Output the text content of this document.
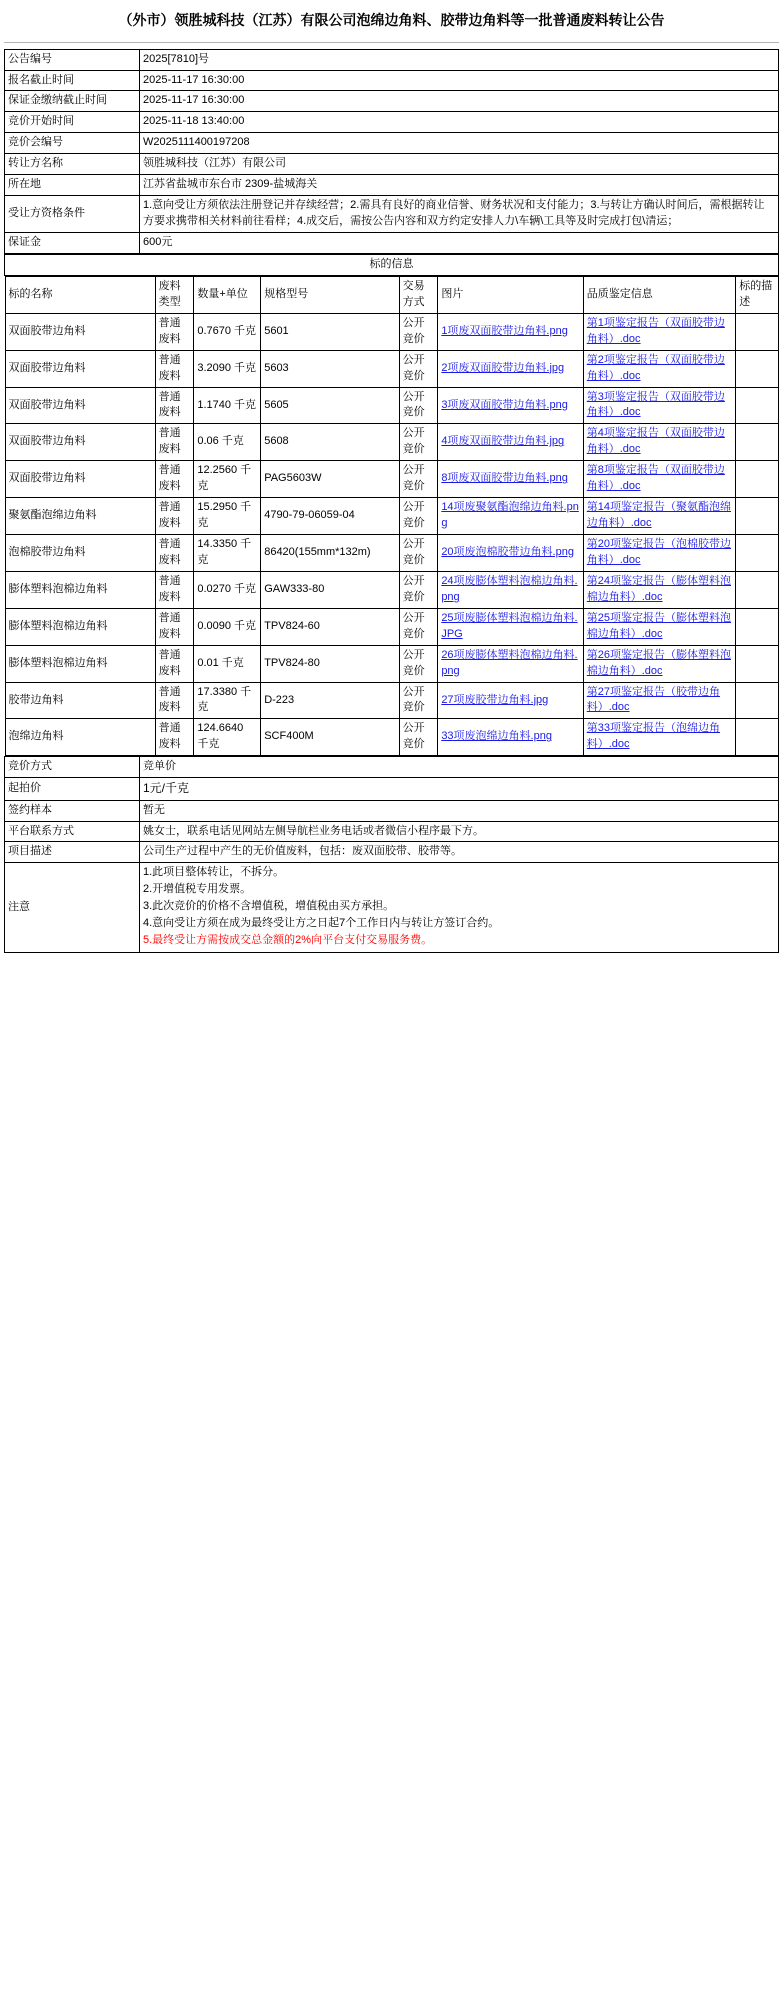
（外市）领胜城科技（江苏）有限公司泡绵边角料、胶带边角料等一批普通废料转让公告
公告编号	2025[7810]号
报名截止时间	2025-11-17 16:30:00
保证金缴纳截止时间	2025-11-17 16:30:00
竞价开始时间	2025-11-18 13:40:00
竞价会编号	W2025111400197208
转让方名称	领胜城科技（江苏）有限公司
所在地	江苏省盐城市东台市 2309-盐城海关
受让方资格条件	1.意向受让方须依法注册登记并存续经营；2.需具有良好的商业信誉、财务状况和支付能力；3.与转让方确认时间后，需根据转让方要求携带相关材料前往看样；4.成交后，需按公告内容和双方约定安排人力\车辆\工具等及时完成打包\清运；
保证金	600元
标的信息

标的名称	废料类型	数量+单位	规格型号	交易方式	图片	品质鉴定信息	标的描述
双面胶带边角料	普通废料	0.7670 千克	5601	公开竞价	1项废双面胶带边角料.png	第1项鉴定报告（双面胶带边角料）.doc	
双面胶带边角料	普通废料	3.2090 千克	5603	公开竞价	2项废双面胶带边角料.jpg	第2项鉴定报告（双面胶带边角料）.doc	
双面胶带边角料	普通废料	1.1740 千克	5605	公开竞价	3项废双面胶带边角料.png	第3项鉴定报告（双面胶带边角料）.doc	
双面胶带边角料	普通废料	0.06 千克	5608	公开竞价	4项废双面胶带边角料.jpg	第4项鉴定报告（双面胶带边角料）.doc	
双面胶带边角料	普通废料	12.2560 千克	PAG5603W	公开竞价	8项废双面胶带边角料.png	第8项鉴定报告（双面胶带边角料）.doc	
聚氨酯泡绵边角料	普通废料	15.2950 千克	4790-79-06059-04	公开竞价	14项废聚氨酯泡绵边角料.png	第14项鉴定报告（聚氨酯泡绵边角料）.doc	
泡棉胶带边角料	普通废料	14.3350 千克	86420(155mm*132m)	公开竞价	20项废泡棉胶带边角料.png	第20项鉴定报告（泡棉胶带边角料）.doc	
膨体塑料泡棉边角料	普通废料	0.0270 千克	GAW333-80	公开竞价	24项废膨体塑料泡棉边角料.png	第24项鉴定报告（膨体塑料泡棉边角料）.doc	
膨体塑料泡棉边角料	普通废料	0.0090 千克	TPV824-60	公开竞价	25项废膨体塑料泡棉边角料.JPG	第25项鉴定报告（膨体塑料泡棉边角料）.doc	
膨体塑料泡棉边角料	普通废料	0.01 千克	TPV824-80	公开竞价	26项废膨体塑料泡棉边角料.png	第26项鉴定报告（膨体塑料泡棉边角料）.doc	
胶带边角料	普通废料	17.3380 千克	D-223	公开竞价	27项废胶带边角料.jpg	第27项鉴定报告（胶带边角料）.doc	
泡绵边角料	普通废料	124.6640 千克	SCF400M	公开竞价	33项废泡绵边角料.png	第33项鉴定报告（泡绵边角料）.doc	

竞价方式	竞单价
起拍价	1元/千克
签约样本	暂无
平台联系方式	姚女士，联系电话见网站左侧导航栏业务电话或者微信小程序最下方。
项目描述	公司生产过程中产生的无价值废料，包括：废双面胶带、胶带等。
注意	

1.此项目整体转让，不拆分。

2.开增值税专用发票。

3.此次竞价的价格不含增值税，增值税由买方承担。

4.意向受让方须在成为最终受让方之日起7个工作日内与转让方签订合约。

5.最终受让方需按成交总金额的2%向平台支付交易服务费。
